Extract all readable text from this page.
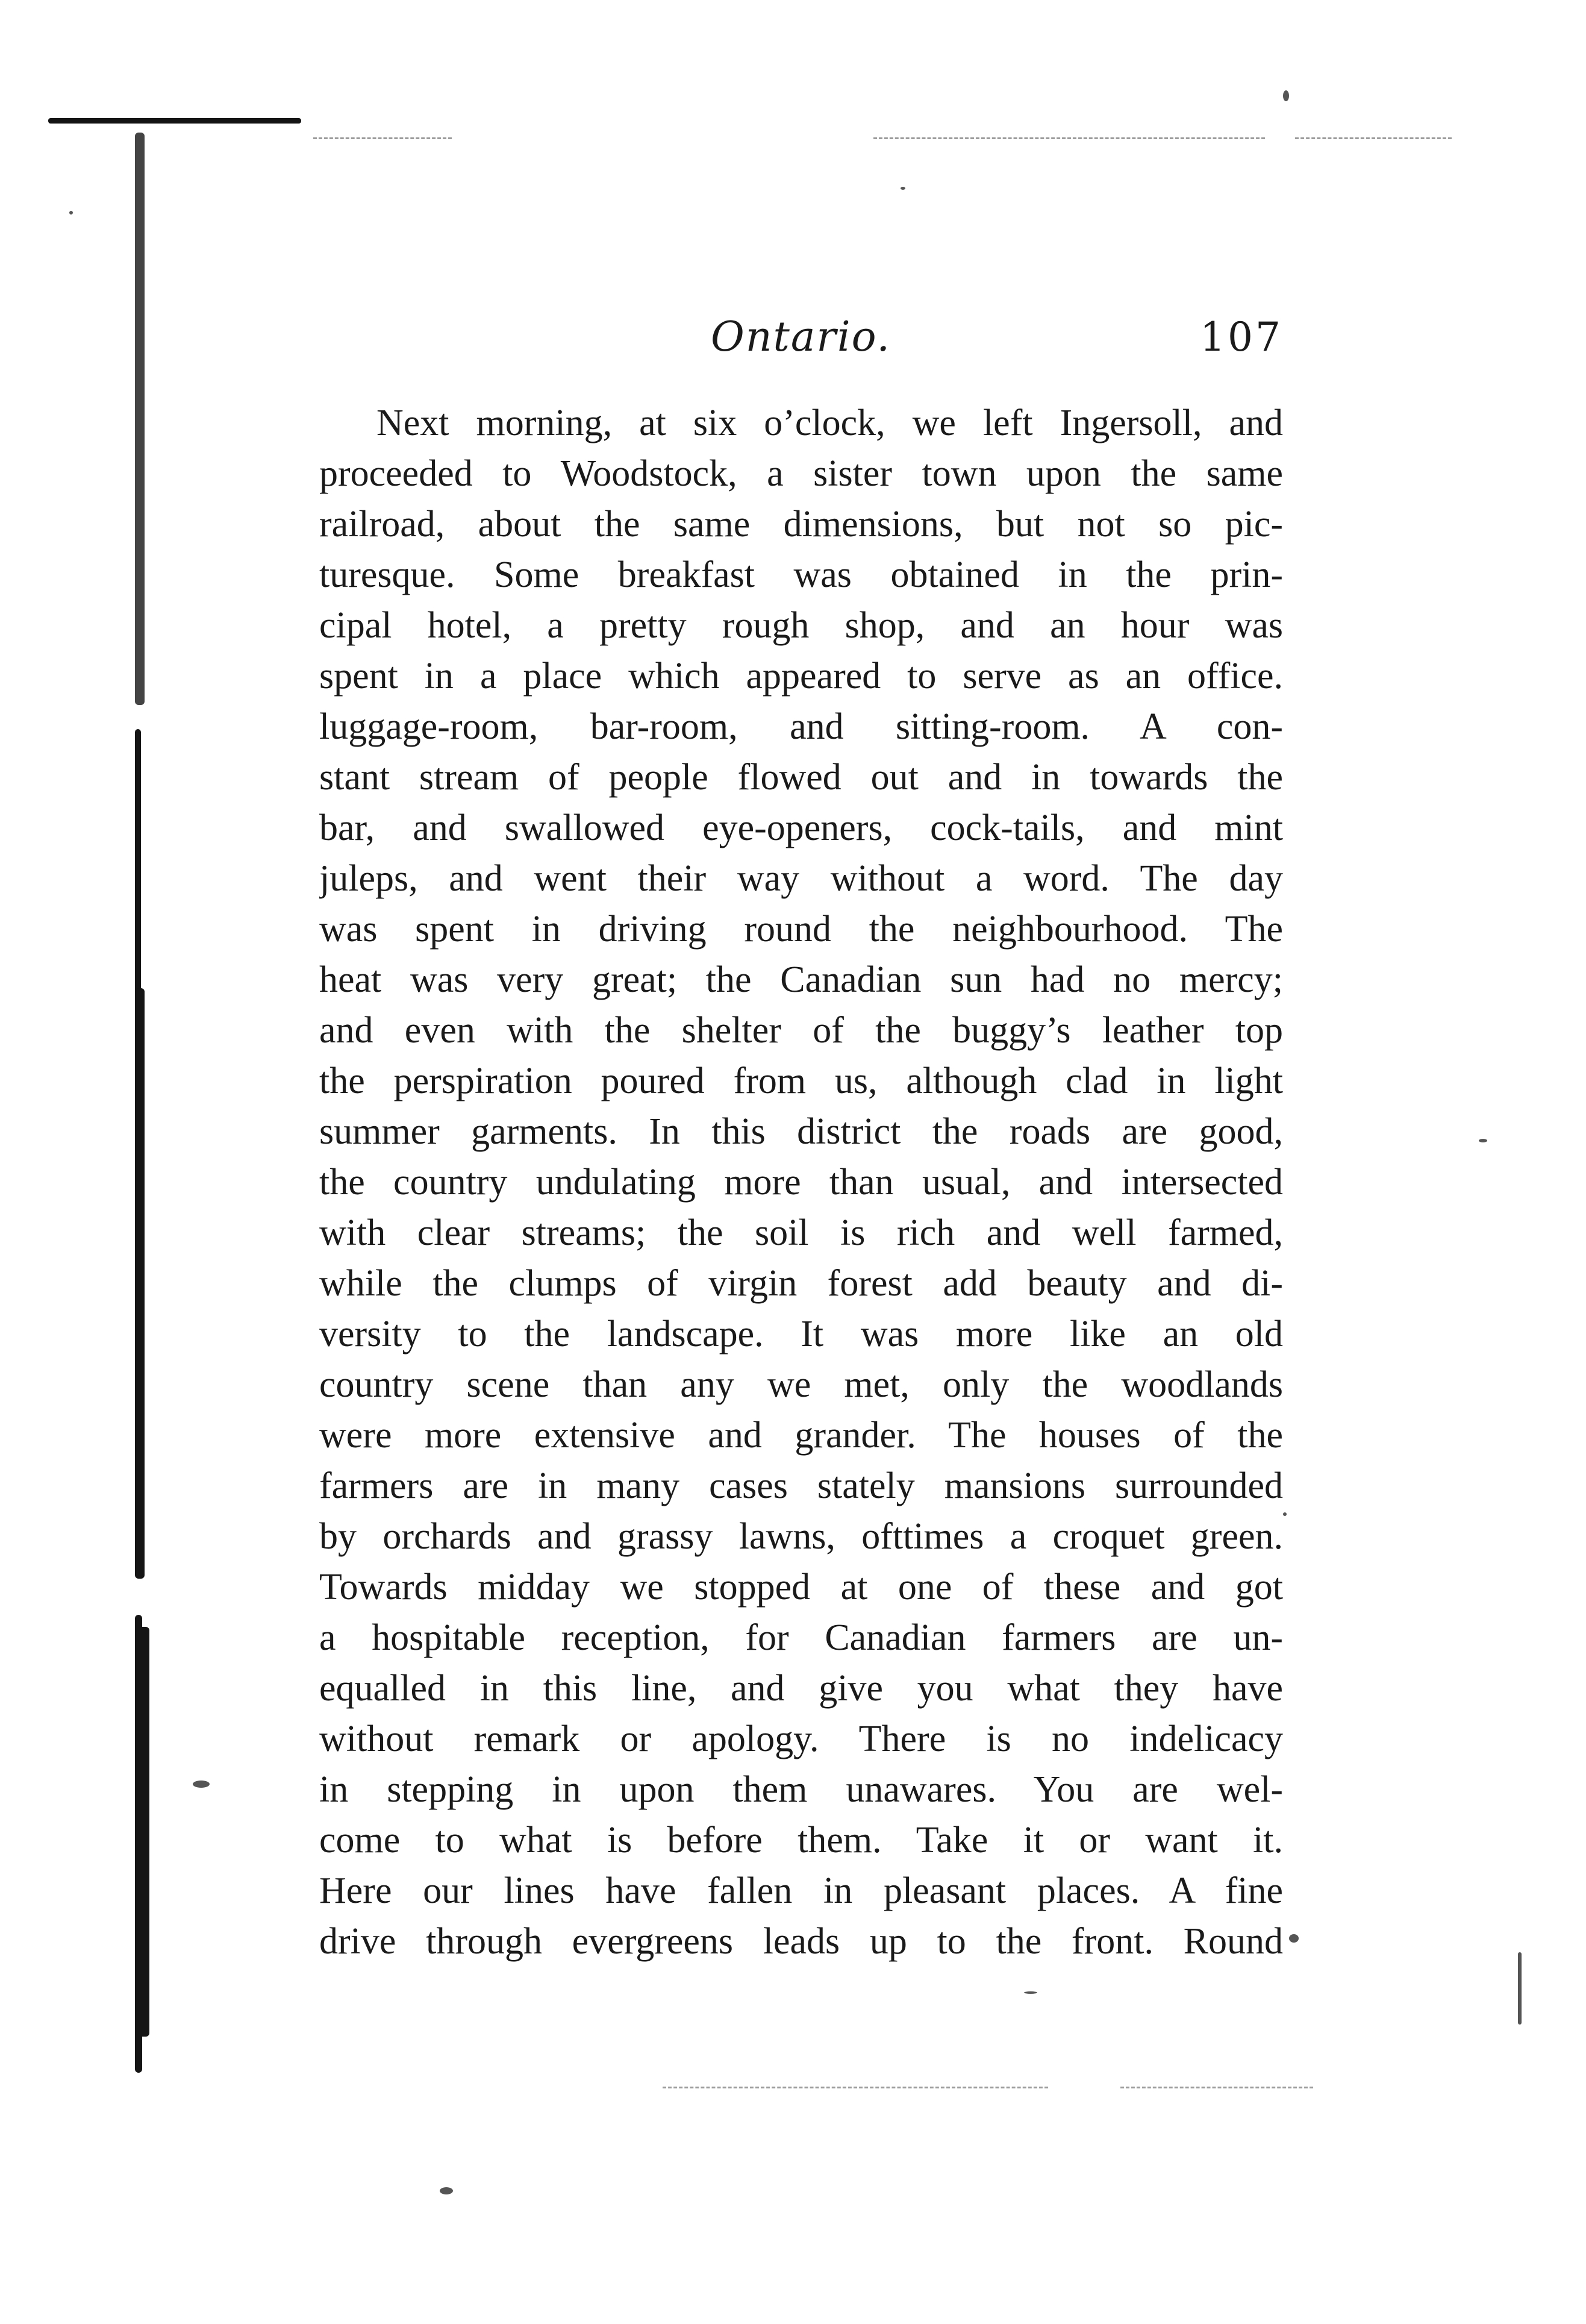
Ontario.	107
Next morning, at six o’clock, we left Ingersoll, and
proceeded to Woodstock, a sister town upon the same
railroad, about the same dimensions, but not so pic-
turesque. Some breakfast was obtained in the prin-
cipal hotel, a pretty rough shop, and an hour was
spent in a place which appeared to serve as an office.
luggage-room, bar-room, and sitting-room. A con-
stant stream of people flowed out and in towards the
bar, and swallowed eye-openers, cock-tails, and mint
juleps, and went their way without a word. The day
was spent in driving round the neighbourhood. The
heat was very great; the Canadian sun had no mercy;
and even with the shelter of the buggy’s leather top
the perspiration poured from us, although clad in light
summer garments. In this district the roads are good,
the country undulating more than usual, and intersected
with clear streams; the soil is rich and well farmed,
while the clumps of virgin forest add beauty and di-
versity to the landscape. It was more like an old
country scene than any we met, only the woodlands
were more extensive and grander. The houses of the
farmers are in many cases stately mansions surrounded
by orchards and grassy lawns, ofttimes a croquet green.
Towards midday we stopped at one of these and got
a hospitable reception, for Canadian farmers are un-
equalled in this line, and give you what they have
without remark or apology. There is no indelicacy
in stepping in upon them unawares. You are wel-
come to what is before them. Take it or want it.
Here our lines have fallen in pleasant places. A fine
drive through evergreens leads up to the front. Round
